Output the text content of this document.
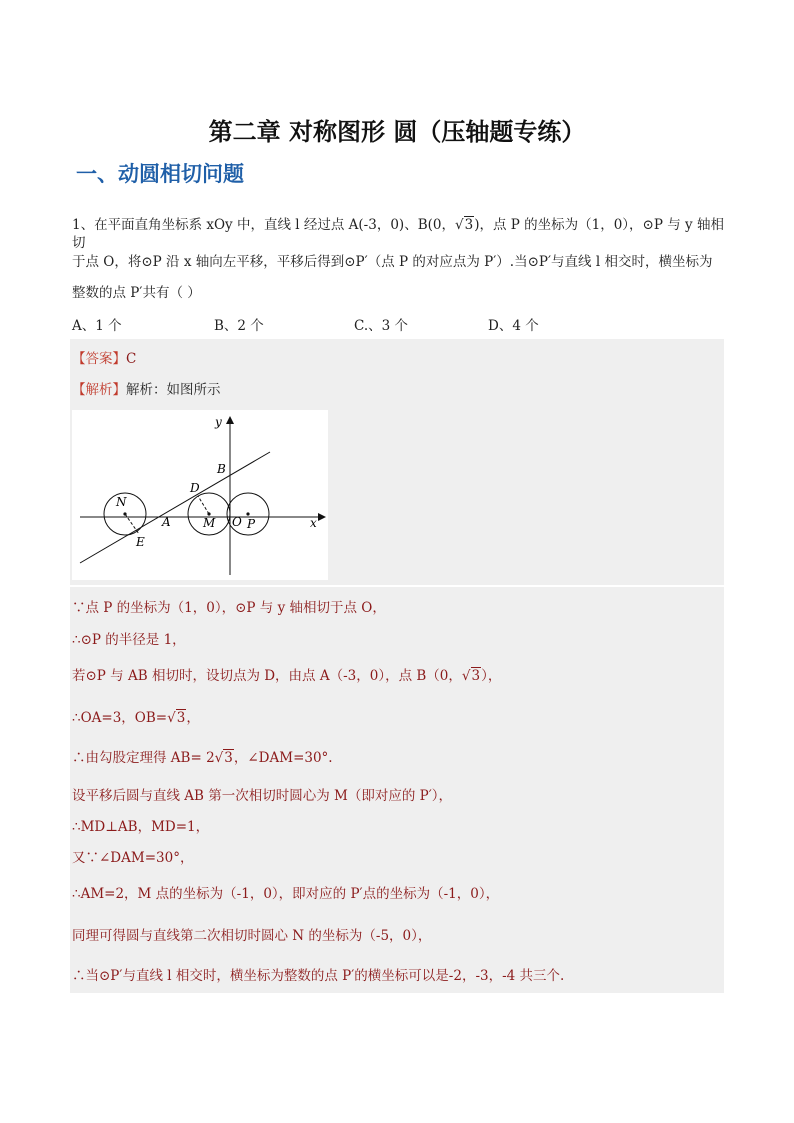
第二章 对称图形 圆（压轴题专练）
一、动圆相切问题
1、在平面直角坐标系 xOy 中，直线 l 经过点 A(-3，0)、B(0，√3)，点 P 的坐标为（1，0），⊙P 与 y 轴相切
于点 O，将⊙P 沿 x 轴向左平移，平移后得到⊙P′（点 P 的对应点为 P′）.当⊙P′与直线 l 相交时，横坐标为
整数的点 P′共有（ ）
A、1 个	B、2 个	C.、3 个	D、4 个
【答案】C
【解析】解析：如图所示
y
x
B
D
N
A	M O P
E
∵点 P 的坐标为（1，0），⊙P 与 y 轴相切于点 O，
∴⊙P 的半径是 1，
若⊙P 与 AB 相切时，设切点为 D，由点 A（-3，0），点 B（0，√3），
∴OA=3，OB=√3，
∴由勾股定理得 AB= 2√3，∠DAM=30°.
设平移后圆与直线 AB 第一次相切时圆心为 M（即对应的 P′），
∴MD⊥AB，MD=1，
又∵∠DAM=30°，
∴AM=2，M 点的坐标为（-1，0），即对应的 P′点的坐标为（-1，0），
同理可得圆与直线第二次相切时圆心 N 的坐标为（-5，0），
∴当⊙P′与直线 l 相交时，横坐标为整数的点 P′的横坐标可以是-2，-3，-4 共三个.
